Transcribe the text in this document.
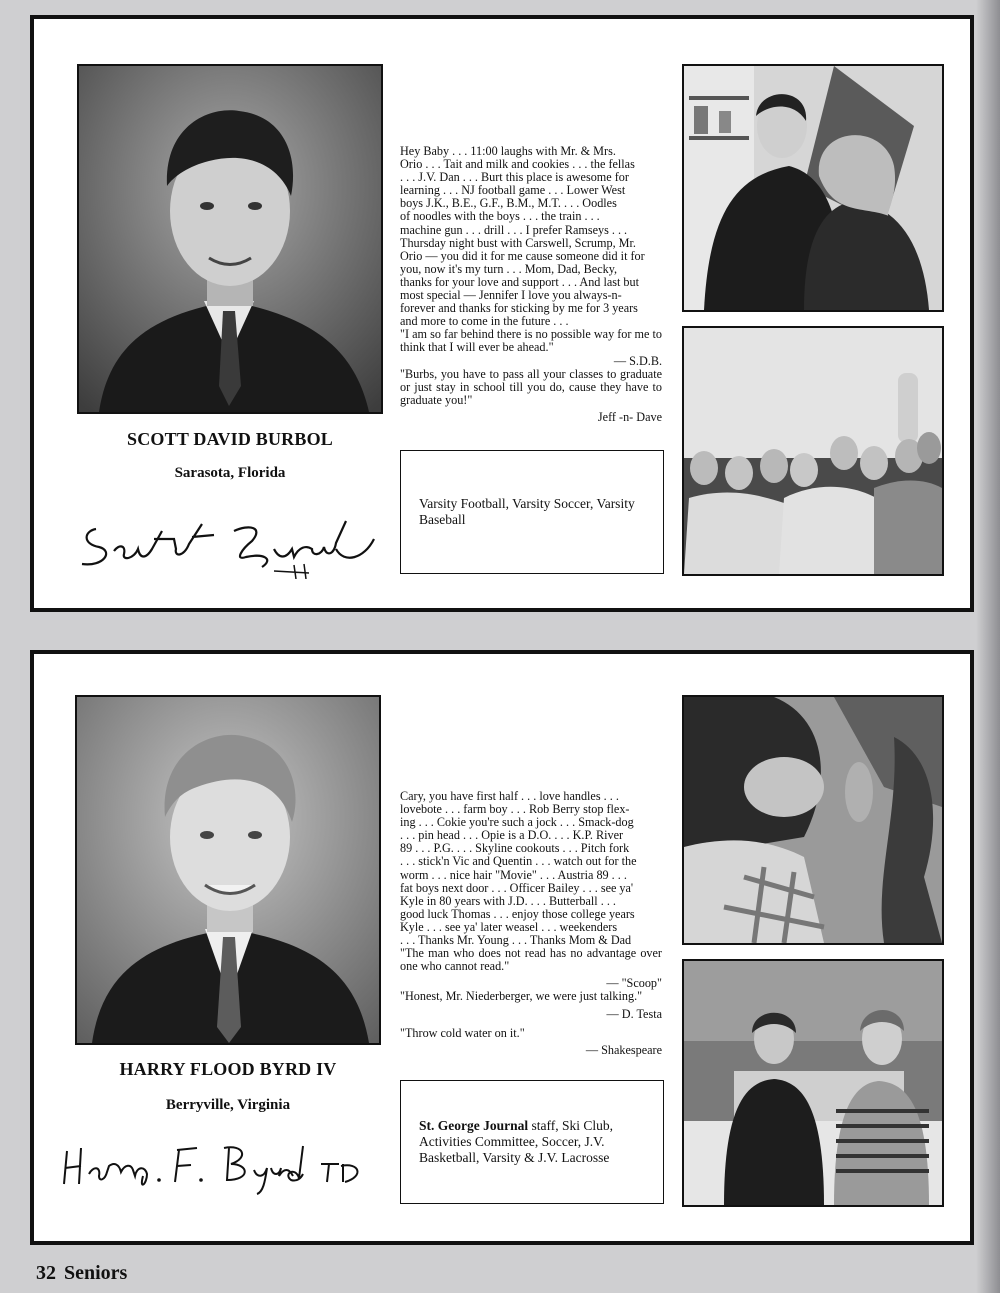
SCOTT DAVID BURBOL
Sarasota, Florida

Hey Baby . . . 11:00 laughs with Mr. & Mrs.

Orio . . . Tait and milk and cookies . . . the fellas

. . . J.V. Dan . . . Burt this place is awesome for

learning . . . NJ football game . . . Lower West

boys J.K., B.E., G.F., B.M., M.T. . . . Oodles

of noodles with the boys . . . the train . . .

machine gun . . . drill . . . I prefer Ramseys . . .

Thursday night bust with Carswell, Scrump, Mr.

Orio — you did it for me cause someone did it for

you, now it's my turn . . . Mom, Dad, Becky,

thanks for your love and support . . . And last but

most special — Jennifer I love you always-n-

forever and thanks for sticking by me for 3 years

and more to come in the future . . .

"I am so far behind there is no possible way for me to think that I will ever be ahead."

— S.D.B.

"Burbs, you have to pass all your classes to graduate or just stay in school till you do, cause they have to graduate you!"

Jeff -n- Dave

Varsity Football, Varsity Soccer, Varsity Baseball
HARRY FLOOD BYRD IV
Berryville, Virginia

Cary, you have first half . . . love handles . . .

lovebote . . . farm boy . . . Rob Berry stop flex-

ing . . . Cokie you're such a jock . . . Smack-dog

. . . pin head . . . Opie is a D.O. . . . K.P. River

89 . . . P.G. . . . Skyline cookouts . . . Pitch fork

. . . stick'n Vic and Quentin . . . watch out for the

worm . . . nice hair "Movie" . . . Austria 89 . . .

fat boys next door . . . Officer Bailey . . . see ya'

Kyle in 80 years with J.D. . . . Butterball . . .

good luck Thomas . . . enjoy those college years

Kyle . . . see ya' later weasel . . . weekenders

. . . Thanks Mr. Young . . . Thanks Mom & Dad

"The man who does not read has no advantage over one who cannot read."

— "Scoop"

"Honest, Mr. Niederberger, we were just talking."

— D. Testa

"Throw cold water on it."

— Shakespeare

St. George Journal staff, Ski Club, Activities Committee, Soccer, J.V. Basketball, Varsity & J.V. Lacrosse
32 Seniors
